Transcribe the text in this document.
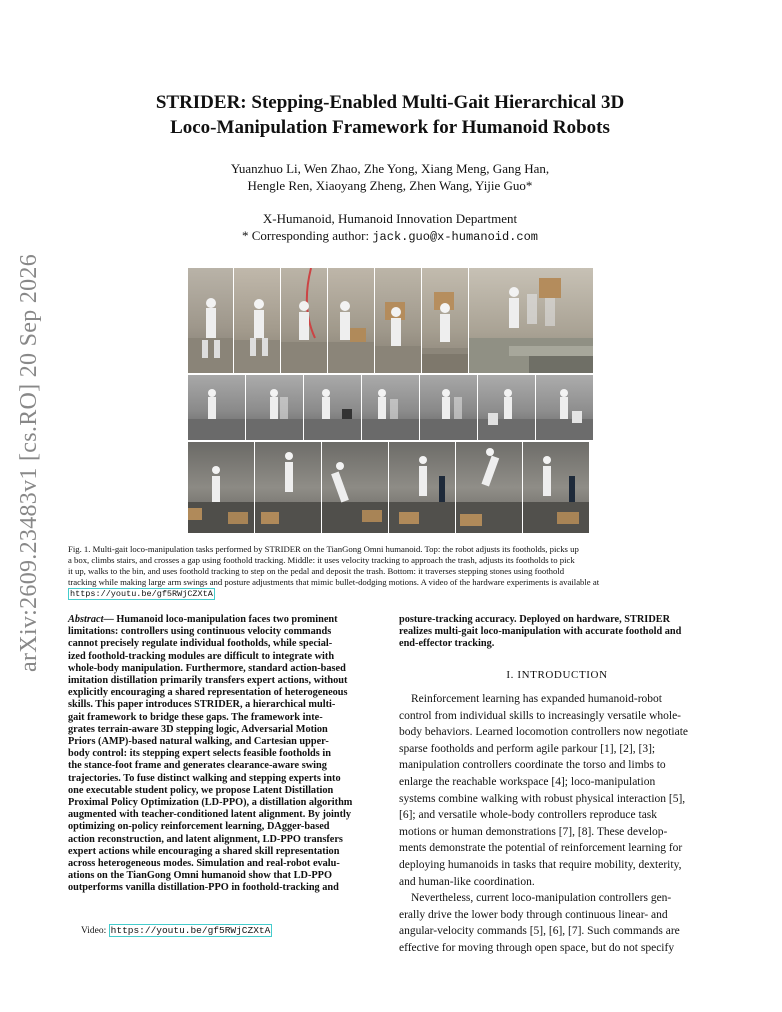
arXiv:2609.23483v1 [cs.RO] 20 Sep 2026
STRIDER: Stepping-Enabled Multi-Gait Hierarchical 3D
Loco-Manipulation Framework for Humanoid Robots
Yuanzhuo Li, Wen Zhao, Zhe Yong, Xiang Meng, Gang Han,
Hengle Ren, Xiaoyang Zheng, Zhen Wang, Yijie Guo*
X-Humanoid, Humanoid Innovation Department
* Corresponding author: jack.guo@x-humanoid.com
Fig. 1. Multi-gait loco-manipulation tasks performed by STRIDER on the TianGong Omni humanoid. Top: the robot adjusts its footholds, picks up
a box, climbs stairs, and crosses a gap using foothold tracking. Middle: it uses velocity tracking to approach the trash, adjusts its footholds to pick
it up, walks to the bin, and uses foothold tracking to step on the pedal and deposit the trash. Bottom: it traverses stepping stones using foothold
tracking while making large arm swings and posture adjustments that mimic bullet-dodging motions. A video of the hardware experiments is available at
https://youtu.be/gf5RWjCZXtA
Abstract— Humanoid loco-manipulation faces two prominent
limitations: controllers using continuous velocity commands
cannot precisely regulate individual footholds, while special-
ized foothold-tracking modules are difficult to integrate with
whole-body manipulation. Furthermore, standard action-based
imitation distillation primarily transfers expert actions, without
explicitly encouraging a shared representation of heterogeneous
skills. This paper introduces STRIDER, a hierarchical multi-
gait framework to bridge these gaps. The framework inte-
grates terrain-aware 3D stepping logic, Adversarial Motion
Priors (AMP)-based natural walking, and Cartesian upper-
body control: its stepping expert selects feasible footholds in
the stance-foot frame and generates clearance-aware swing
trajectories. To fuse distinct walking and stepping experts into
one executable student policy, we propose Latent Distillation
Proximal Policy Optimization (LD-PPO), a distillation algorithm
augmented with teacher-conditioned latent alignment. By jointly
optimizing on-policy reinforcement learning, DAgger-based
action reconstruction, and latent alignment, LD-PPO transfers
expert actions while encouraging a shared skill representation
across heterogeneous modes. Simulation and real-robot evalu-
ations on the TianGong Omni humanoid show that LD-PPO
outperforms vanilla distillation-PPO in foothold-tracking and
posture-tracking accuracy. Deployed on hardware, STRIDER
realizes multi-gait loco-manipulation with accurate foothold and
end-effector tracking.
I. INTRODUCTION
Reinforcement learning has expanded humanoid-robot
control from individual skills to increasingly versatile whole-
body behaviors. Learned locomotion controllers now negotiate
sparse footholds and perform agile parkour [1], [2], [3];
manipulation controllers coordinate the torso and limbs to
enlarge the reachable workspace [4]; loco-manipulation
systems combine walking with robust physical interaction [5],
[6]; and versatile whole-body controllers reproduce task
motions or human demonstrations [7], [8]. These develop-
ments demonstrate the potential of reinforcement learning for
deploying humanoids in tasks that require mobility, dexterity,
and human-like coordination.
Nevertheless, current loco-manipulation controllers gen-
erally drive the lower body through continuous linear- and
angular-velocity commands [5], [6], [7]. Such commands are
effective for moving through open space, but do not specify
Video: https://youtu.be/gf5RWjCZXtA
